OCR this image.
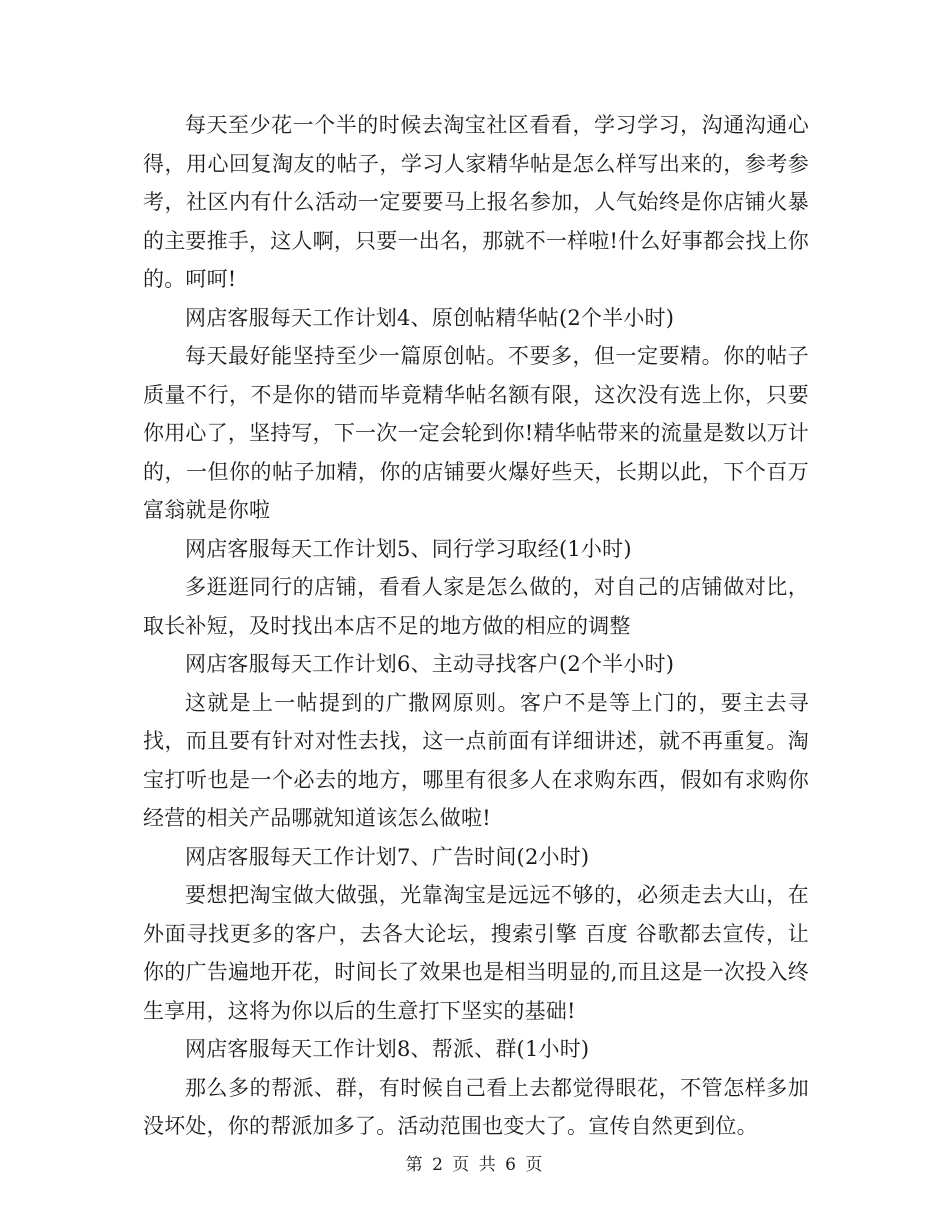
每天至少花一个半的时候去淘宝社区看看，学习学习，沟通沟通心得，用心回复淘友的帖子，学习人家精华帖是怎么样写出来的，参考参考，社区内有什么活动一定要要马上报名参加，人气始终是你店铺火暴的主要推手，这人啊，只要一出名，那就不一样啦!什么好事都会找上你的。呵呵!

网店客服每天工作计划4、原创帖精华帖(2个半小时)

每天最好能坚持至少一篇原创帖。不要多，但一定要精。你的帖子质量不行，不是你的错而毕竟精华帖名额有限，这次没有选上你，只要你用心了，坚持写，下一次一定会轮到你!精华帖带来的流量是数以万计的，一但你的帖子加精，你的店铺要火爆好些天，长期以此，下个百万富翁就是你啦

网店客服每天工作计划5、同行学习取经(1小时)

多逛逛同行的店铺，看看人家是怎么做的，对自己的店铺做对比，取长补短，及时找出本店不足的地方做的相应的调整

网店客服每天工作计划6、主动寻找客户(2个半小时)

这就是上一帖提到的广撒网原则。客户不是等上门的，要主去寻找，而且要有针对对性去找，这一点前面有详细讲述，就不再重复。淘宝打听也是一个必去的地方，哪里有很多人在求购东西，假如有求购你经营的相关产品哪就知道该怎么做啦!

网店客服每天工作计划7、广告时间(2小时)

要想把淘宝做大做强，光靠淘宝是远远不够的，必须走去大山，在外面寻找更多的客户，去各大论坛，搜索引擎 百度 谷歌都去宣传，让你的广告遍地开花，时间长了效果也是相当明显的,而且这是一次投入终生享用，这将为你以后的生意打下坚实的基础!

网店客服每天工作计划8、帮派、群(1小时)

那么多的帮派、群，有时候自己看上去都觉得眼花，不管怎样多加没坏处，你的帮派加多了。活动范围也变大了。宣传自然更到位。

第 2 页 共 6 页
